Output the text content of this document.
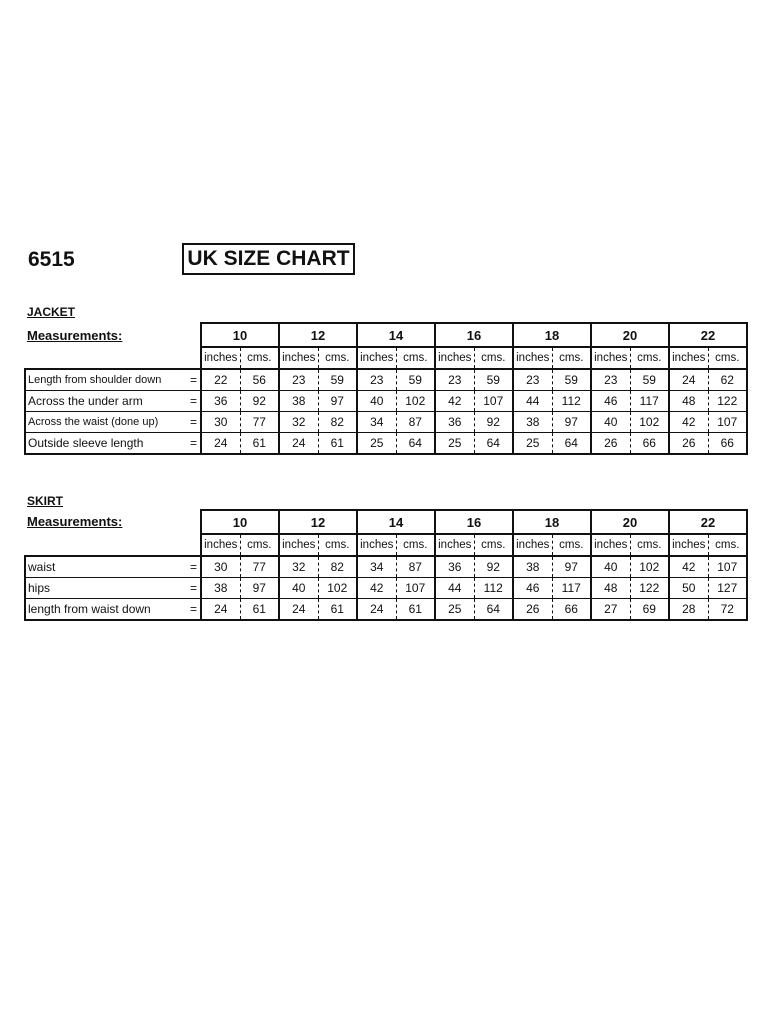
6515	UK SIZE CHART
JACKET
Measurements:
		10		12		14		16		18		20		22	
		inches	cms.	inches	cms.	inches	cms.	inches	cms.	inches	cms.	inches	cms.	inches	cms.
Length from shoulder down	=	22	56	23	59	23	59	23	59	23	59	23	59	24	62
Across the under arm	=	36	92	38	97	40	102	42	107	44	112	46	117	48	122
Across the waist (done up)	=	30	77	32	82	34	87	36	92	38	97	40	102	42	107
Outside sleeve length	=	24	61	24	61	25	64	25	64	25	64	26	66	26	66
SKIRT
Measurements:
		10		12		14		16		18		20		22	
		inches	cms.	inches	cms.	inches	cms.	inches	cms.	inches	cms.	inches	cms.	inches	cms.
waist	=	30	77	32	82	34	87	36	92	38	97	40	102	42	107
hips	=	38	97	40	102	42	107	44	112	46	117	48	122	50	127
length from waist down	=	24	61	24	61	24	61	25	64	26	66	27	69	28	72
